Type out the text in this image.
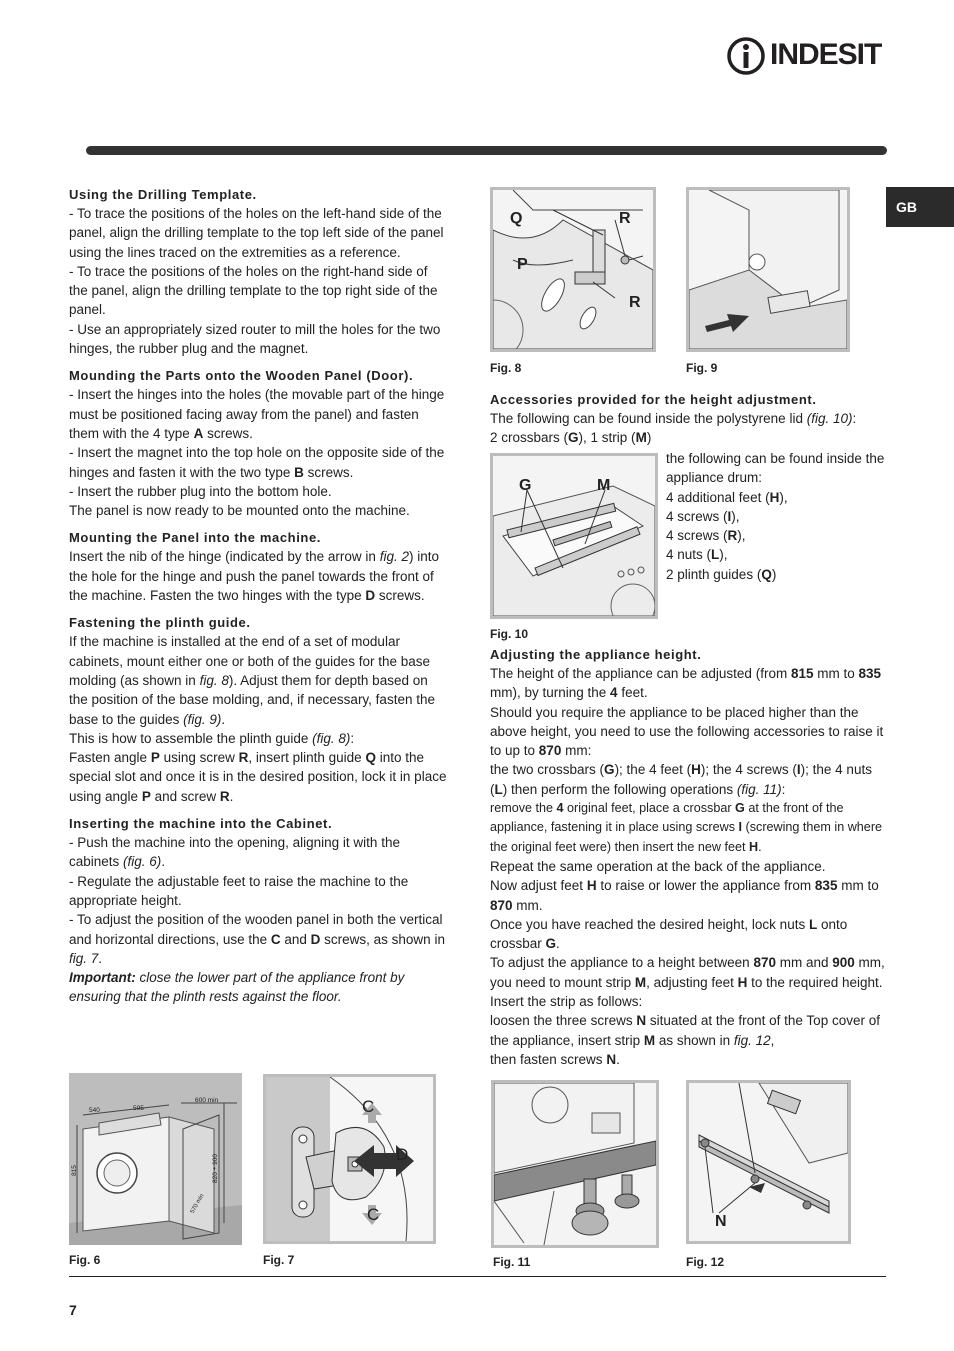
INDESIT
GB
Using the Drilling Template.

- To trace the positions of the holes on the left-hand side of the panel, align the drilling template to the top left side of the panel using the lines traced on the extremities as a reference.

- To trace the positions of the holes on the right-hand side of the panel, align the drilling template to the top right side of the panel.

- Use an appropriately sized router to mill the holes for the two hinges, the rubber plug and the magnet.

Mounding the Parts onto the Wooden Panel (Door).

- Insert the hinges into the holes (the movable part of the hinge must be positioned facing away from the panel) and fasten them with the 4 type A screws.

- Insert the magnet into the top hole on the opposite side of the hinges and fasten it with the two type B screws.

- Insert the rubber plug into the bottom hole.

The panel is now ready to be mounted onto the machine.

Mounting the Panel into the machine.

Insert the nib of the hinge (indicated by the arrow in fig. 2) into the hole for the hinge and push the panel towards the front of the machine. Fasten the two hinges with the type D screws.

Fastening the plinth guide.

If the machine is installed at the end of a set of modular cabinets, mount either one or both of the guides for the base molding (as shown in fig. 8). Adjust them for depth based on the position of the base molding, and, if necessary, fasten the base to the guides (fig. 9).

This is how to assemble the plinth guide (fig. 8):

Fasten angle P using screw R, insert plinth guide Q into the special slot and once it is in the desired position, lock it in place using angle P and screw R.

Inserting the machine into the Cabinet.

- Push the machine into the opening, aligning it with the cabinets (fig. 6).

- Regulate the adjustable feet to raise the machine to the appropriate height.

- To adjust the position of the wooden panel in both the vertical and horizontal directions, use the C and D screws, as shown in fig. 7.

Important: close the lower part of the appliance front by ensuring that the plinth rests against the floor.

Q	R
P
R
Fig. 8	Fig. 9
Accessories provided for the height adjustment.

The following can be found inside the polystyrene lid (fig. 10):

2 crossbars (G), 1 strip (M)

G	M
Fig. 10

the following can be found inside the appliance drum:

4 additional feet (H),

4 screws (I),

4 screws (R),

4 nuts (L),

2 plinth guides (Q)

Adjusting the appliance height.

The height of the appliance can be adjusted (from 815 mm to 835 mm), by turning the 4 feet.

Should you require the appliance to be placed higher than the above height, you need to use the following accessories to raise it to up to 870 mm:

the two crossbars (G); the 4 feet (H); the 4 screws (I); the 4 nuts (L) then perform the following operations (fig. 11):

remove the 4 original feet, place a crossbar G at the front of the appliance, fastening it in place using screws I (screwing them in where the original feet were) then insert the new feet H.

Repeat the same operation at the back of the appliance.

Now adjust feet H to raise or lower the appliance from 835 mm to 870 mm.

Once you have reached the desired height, lock nuts L onto crossbar G.

To adjust the appliance to a height between 870 mm and 900 mm, you need to mount strip M, adjusting feet H to the required height.

Insert the strip as follows:

loosen the three screws N situated at the front of the Top cover of the appliance, insert strip M as shown in fig. 12,
then fasten screws N.

540	595
600 min
815	820 ÷ 900
570 min
Fig. 6
C
D
C
Fig. 7	Fig. 11
N
Fig. 12
7
